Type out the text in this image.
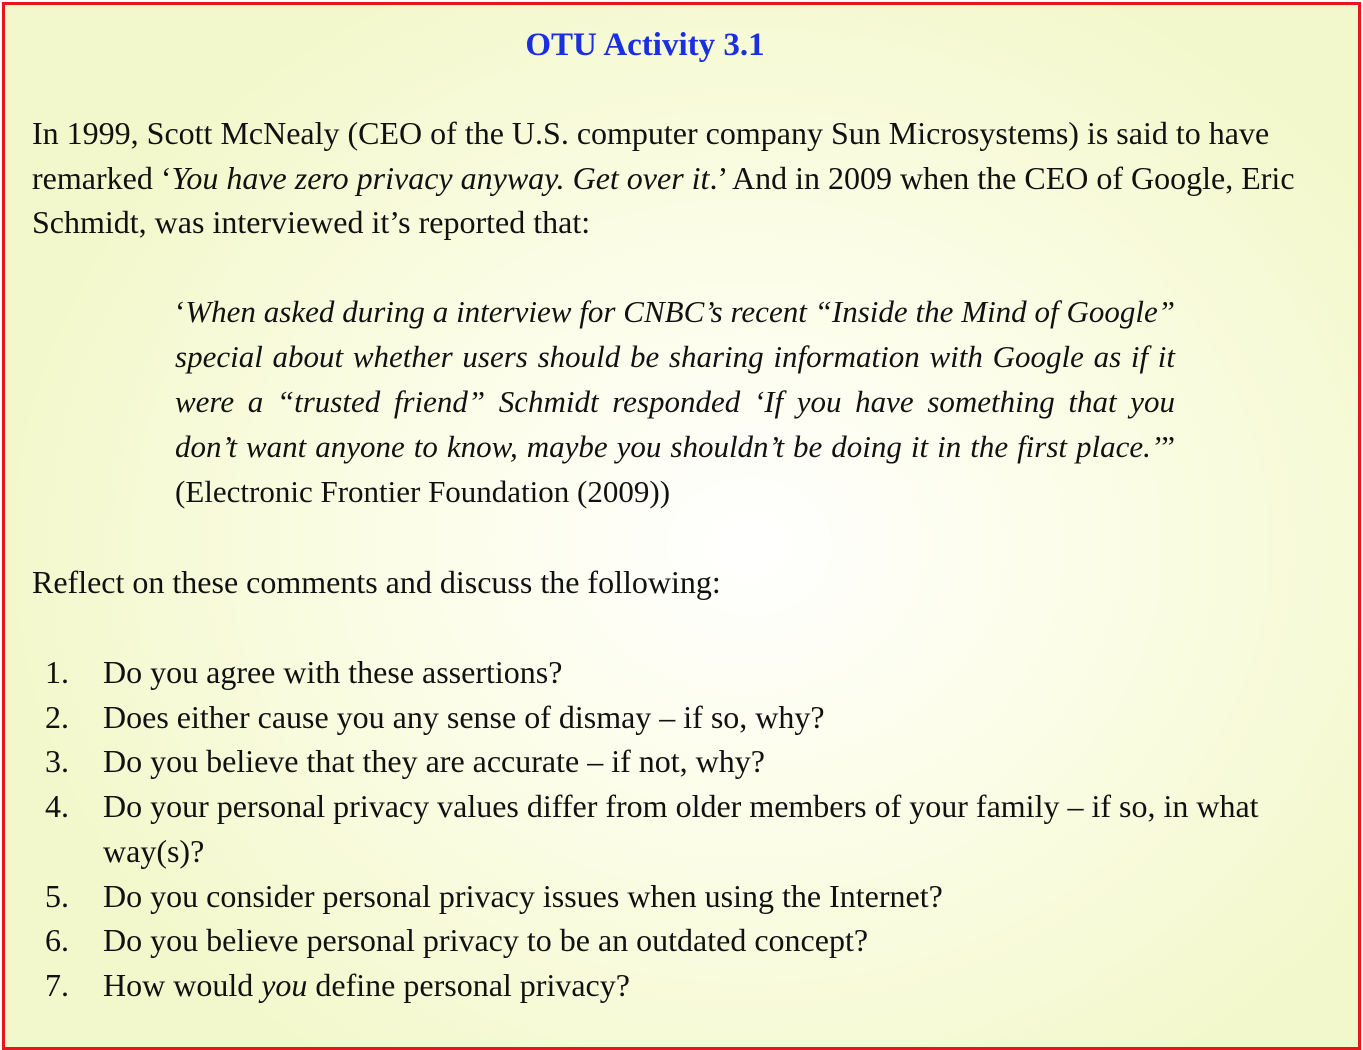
OTU Activity 3.1

In 1999, Scott McNealy (CEO of the U.S. computer company Sun Microsystems) is said to have remarked ‘You have zero privacy anyway. Get over it.’ And in 2009 when the CEO of Google, Eric Schmidt, was interviewed it’s reported that:

‘When asked during a interview for CNBC’s recent “Inside the Mind of Google” special about whether users should be sharing information with Google as if it were a “trusted friend” Schmidt responded ‘If you have something that you don’t want anyone to know, maybe you shouldn’t be doing it in the first place.’” (Electronic Frontier Foundation (2009))

Reflect on these comments and discuss the following:

1.	Do you agree with these assertions?
2.	Does either cause you any sense of dismay – if so, why?
3.	Do you believe that they are accurate – if not, why?
4.	Do your personal privacy values differ from older members of your family – if so, in what way(s)?
5.	Do you consider personal privacy issues when using the Internet?
6.	Do you believe personal privacy to be an outdated concept?
7.	How would you define personal privacy?
